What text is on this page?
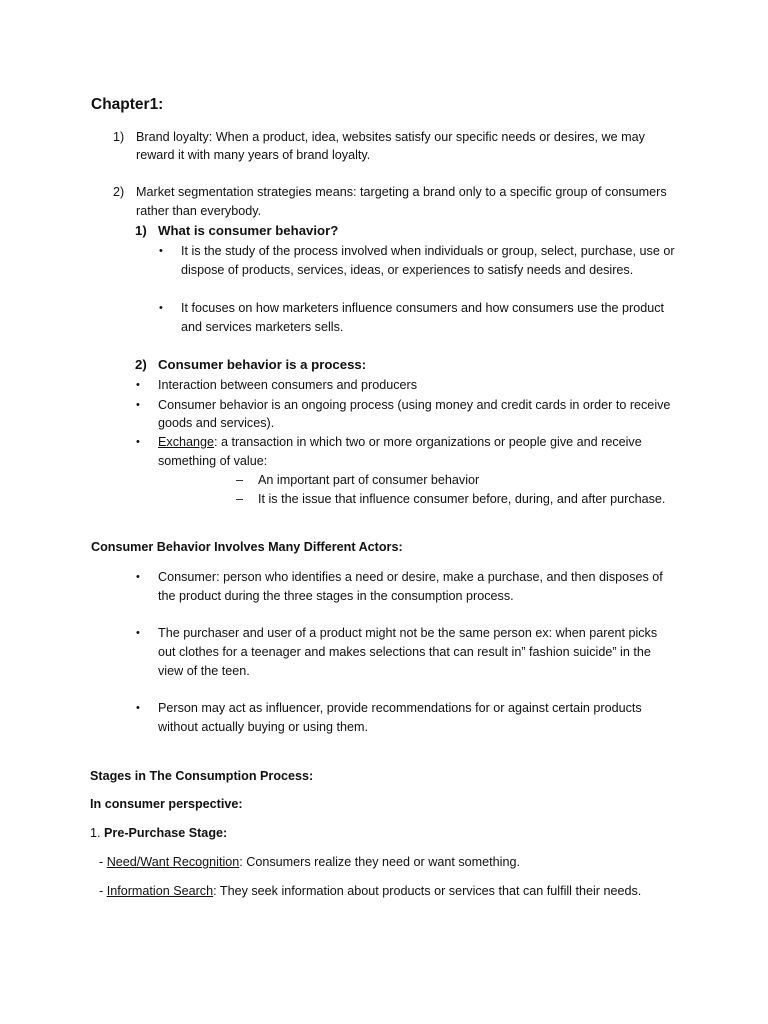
Chapter1:

1) Brand loyalty: When a product, idea, websites satisfy our specific needs or desires, we may
reward it with many years of brand loyalty.
2) Market segmentation strategies means: targeting a brand only to a specific group of consumers
rather than everybody.
1) What is consumer behavior?
• It is the study of the process involved when individuals or group, select, purchase, use or
dispose of products, services, ideas, or experiences to satisfy needs and desires.
• It focuses on how marketers influence consumers and how consumers use the product
and services marketers sells.
2) Consumer behavior is a process:
• Interaction between consumers and producers
• Consumer behavior is an ongoing process (using money and credit cards in order to receive
goods and services).
• Exchange: a transaction in which two or more organizations or people give and receive
something of value:
– An important part of consumer behavior
– It is the issue that influence consumer before, during, and after purchase.
Consumer Behavior Involves Many Different Actors:
• Consumer: person who identifies a need or desire, make a purchase, and then disposes of
the product during the three stages in the consumption process.
• The purchaser and user of a product might not be the same person ex: when parent picks
out clothes for a teenager and makes selections that can result in” fashion suicide” in the
view of the teen.
• Person may act as influencer, provide recommendations for or against certain products
without actually buying or using them.
Stages in The Consumption Process:
In consumer perspective:
1. Pre-Purchase Stage:
- Need/Want Recognition: Consumers realize they need or want something.
- Information Search: They seek information about products or services that can fulfill their needs.
